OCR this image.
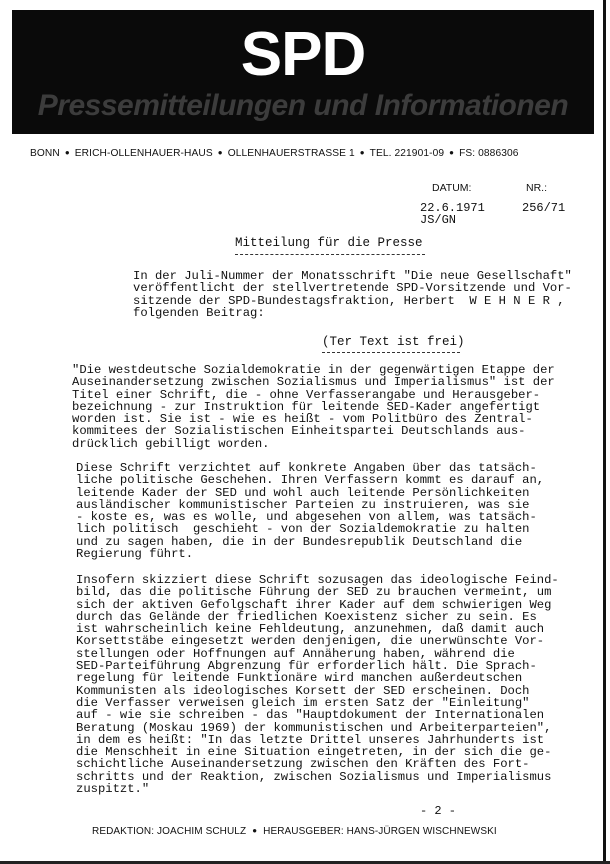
SPD
Pressemitteilungen und Informationen
BONN ● ERICH-OLLENHAUER-HAUS ● OLLENHAUERSTRASSE 1 ● TEL. 221901-09 ● FS: 0886306
DATUM:	NR.:
22.6.1971
JS/GN
256/71
Mitteilung für die Presse
In der Juli-Nummer der Monatsschrift "Die neue Gesellschaft"
veröffentlicht der stellvertretende SPD-Vorsitzende und Vor-
sitzende der SPD-Bundestagsfraktion, Herbert  W E H N E R ,
folgenden Beitrag:
(Ter Text ist frei)
"Die westdeutsche Sozialdemokratie in der gegenwärtigen Etappe der
Auseinandersetzung zwischen Sozialismus und Imperialismus" ist der
Titel einer Schrift, die - ohne Verfasserangabe und Herausgeber-
bezeichnung - zur Instruktion für leitende SED-Kader angefertigt
worden ist. Sie ist - wie es heißt - vom Politbüro des Zentral-
kommitees der Sozialistischen Einheitspartei Deutschlands aus-
drücklich gebilligt worden.
Diese Schrift verzichtet auf konkrete Angaben über das tatsäch-
liche politische Geschehen. Ihren Verfassern kommt es darauf an,
leitende Kader der SED und wohl auch leitende Persönlichkeiten
ausländischer kommunistischer Parteien zu instruieren, was sie
- koste es, was es wolle, und abgesehen von allem, was tatsäch-
lich politisch  geschieht - von der Sozialdemokratie zu halten
und zu sagen haben, die in der Bundesrepublik Deutschland die
Regierung führt.
Insofern skizziert diese Schrift sozusagen das ideologische Feind-
bild, das die politische Führung der SED zu brauchen vermeint, um
sich der aktiven Gefolgschaft ihrer Kader auf dem schwierigen Weg
durch das Gelände der friedlichen Koexistenz sicher zu sein. Es
ist wahrscheinlich keine Fehldeutung, anzunehmen, daß damit auch
Korsettstäbe eingesetzt werden denjenigen, die unerwünschte Vor-
stellungen oder Hoffnungen auf Annäherung haben, während die
SED-Parteiführung Abgrenzung für erforderlich hält. Die Sprach-
regelung für leitende Funktionäre wird manchen außerdeutschen
Kommunisten als ideologisches Korsett der SED erscheinen. Doch
die Verfasser verweisen gleich im ersten Satz der "Einleitung"
auf - wie sie schreiben - das "Hauptdokument der Internationalen
Beratung (Moskau 1969) der kommunistischen und Arbeiterparteien",
in dem es heißt: "In das letzte Drittel unseres Jahrhunderts ist
die Menschheit in eine Situation eingetreten, in der sich die ge-
schichtliche Auseinandersetzung zwischen den Kräften des Fort-
schritts und der Reaktion, zwischen Sozialismus und Imperialismus
zuspitzt."
- 2 -
REDAKTION: JOACHIM SCHULZ ● HERAUSGEBER: HANS-JÜRGEN WISCHNEWSKI
